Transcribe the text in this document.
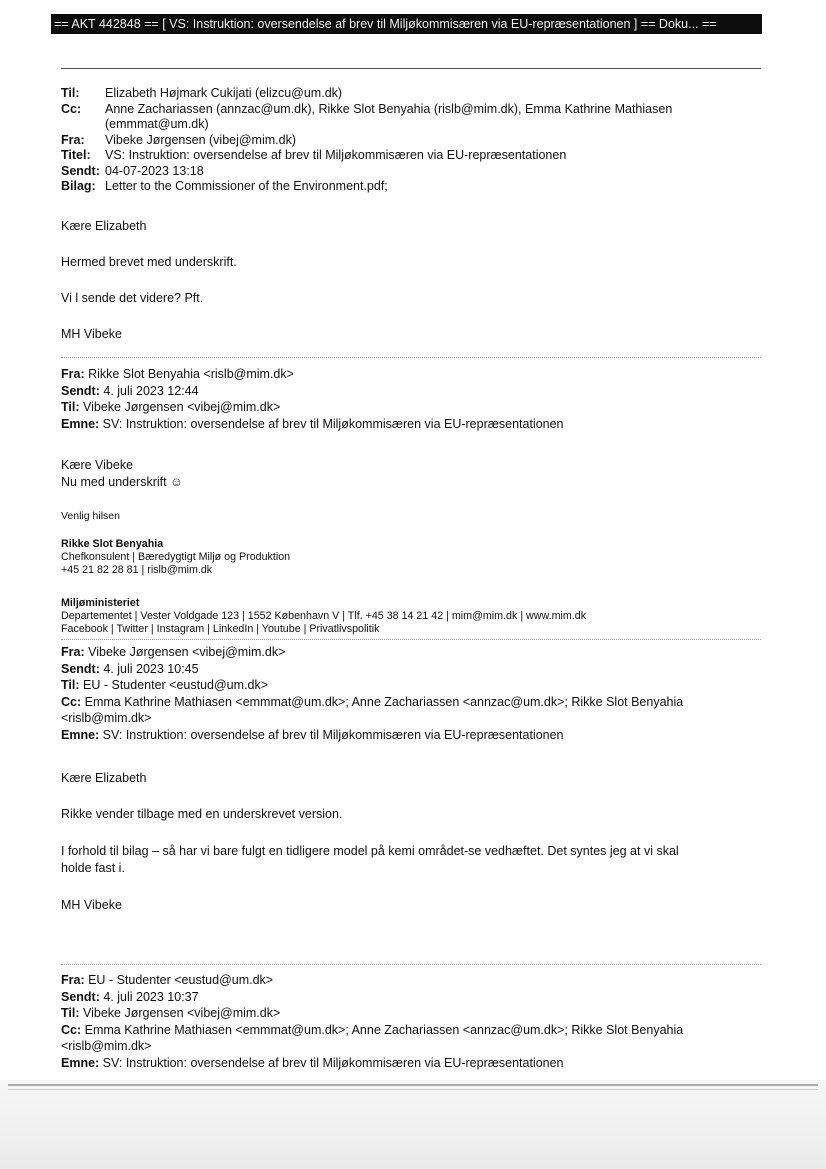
== AKT 442848 == [ VS: Instruktion: oversendelse af brev til Miljøkommisæren via EU-repræsentationen ] == Doku... ==
Til:	Elizabeth Højmark Cukijati (elizcu@um.dk)
Cc:	Anne Zachariassen (annzac@um.dk), Rikke Slot Benyahia (rislb@mim.dk), Emma Kathrine Mathiasen
(emmmat@um.dk)
Fra:	Vibeke Jørgensen (vibej@mim.dk)
Titel:	VS: Instruktion: oversendelse af brev til Miljøkommisæren via EU-repræsentationen
Sendt: 04-07-2023 13:18
Bilag: Letter to the Commissioner of the Environment.pdf;
Kære Elizabeth
Hermed brevet med underskrift.
Vi l sende det videre? Pft.
MH Vibeke
Fra: Rikke Slot Benyahia <rislb@mim.dk>
Sendt: 4. juli 2023 12:44
Til: Vibeke Jørgensen <vibej@mim.dk>
Emne: SV: Instruktion: oversendelse af brev til Miljøkommisæren via EU-repræsentationen
Kære Vibeke
Nu med underskrift ☺
Venlig hilsen
Rikke Slot Benyahia
Chefkonsulent | Bæredygtigt Miljø og Produktion
+45 21 82 28 81 | rislb@mim.dk
Miljøministeriet
Departementet | Vester Voldgade 123 | 1552 København V | Tlf. +45 38 14 21 42 | mim@mim.dk | www.mim.dk
Facebook | Twitter | Instagram | LinkedIn | Youtube | Privatlivspolitik
Fra: Vibeke Jørgensen <vibej@mim.dk>
Sendt: 4. juli 2023 10:45
Til: EU - Studenter <eustud@um.dk>
Cc: Emma Kathrine Mathiasen <emmmat@um.dk>; Anne Zachariassen <annzac@um.dk>; Rikke Slot Benyahia
<rislb@mim.dk>
Emne: SV: Instruktion: oversendelse af brev til Miljøkommisæren via EU-repræsentationen
Kære Elizabeth
Rikke vender tilbage med en underskrevet version.
I forhold til bilag – så har vi bare fulgt en tidligere model på kemi området-se vedhæftet. Det syntes jeg at vi skal
holde fast i.
MH Vibeke
Fra: EU - Studenter <eustud@um.dk>
Sendt: 4. juli 2023 10:37
Til: Vibeke Jørgensen <vibej@mim.dk>
Cc: Emma Kathrine Mathiasen <emmmat@um.dk>; Anne Zachariassen <annzac@um.dk>; Rikke Slot Benyahia
<rislb@mim.dk>
Emne: SV: Instruktion: oversendelse af brev til Miljøkommisæren via EU-repræsentationen
